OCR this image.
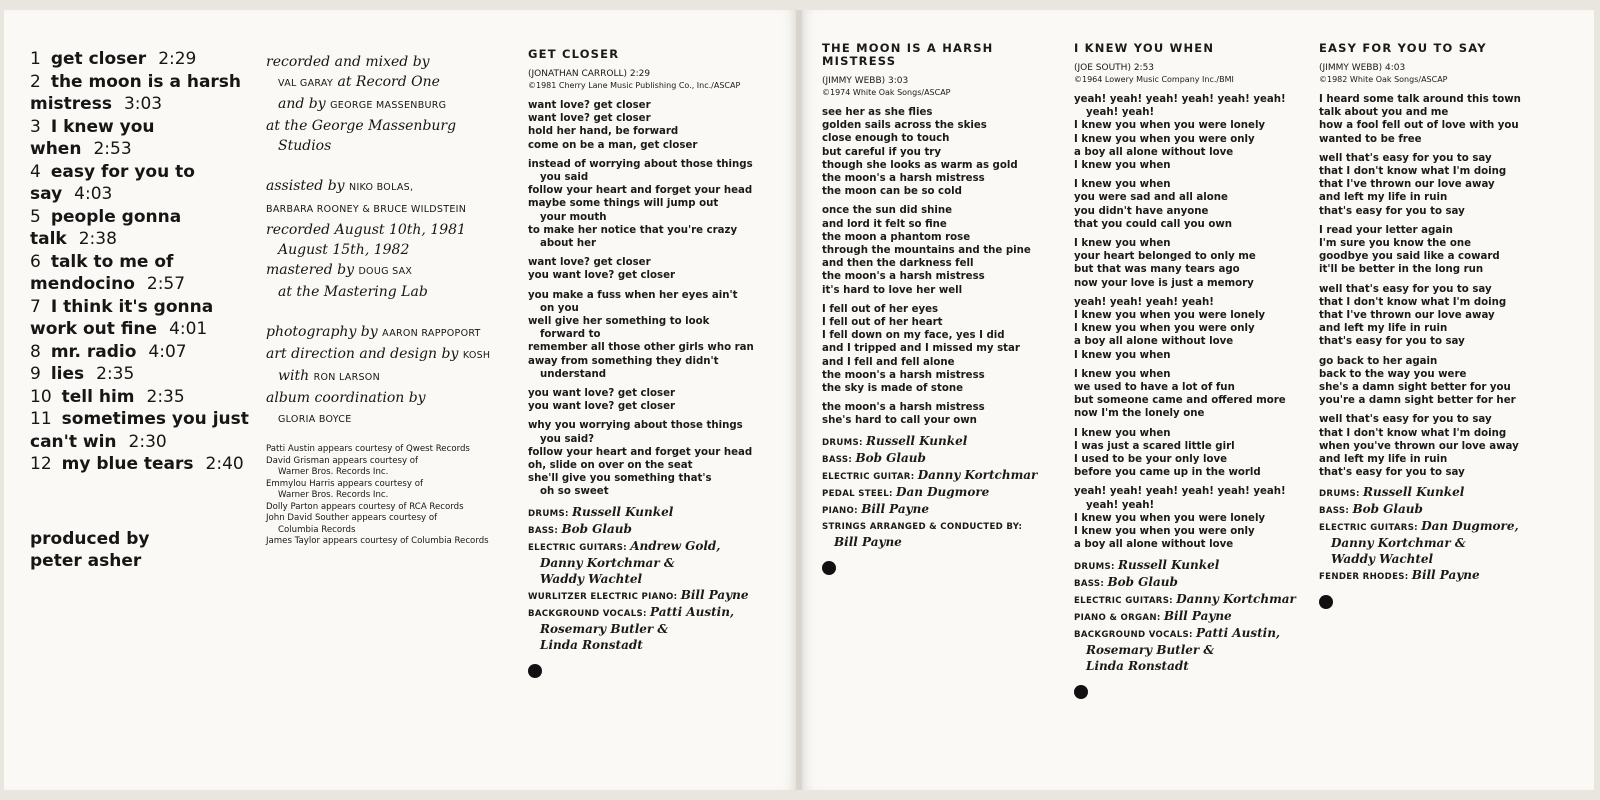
1 get closer 2:29
2 the moon is a harsh mistress 3:03
3 I knew you when 2:53
4 easy for you to say 4:03
5 people gonna talk 2:38
6 talk to me of mendocino 2:57
7 I think it's gonna work out fine 4:01
8 mr. radio 4:07
9 lies 2:35
10 tell him 2:35
11 sometimes you just can't win 2:30
12 my blue tears 2:40
produced by
peter asher
recorded and mixed by
VAL GARAY at Record One
and by GEORGE MASSENBURG
at the George Massenburg
Studios
assisted by NIKO BOLAS,
BARBARA ROONEY & BRUCE WILDSTEIN
recorded August 10th, 1981
August 15th, 1982
mastered by DOUG SAX
at the Mastering Lab
photography by AARON RAPPOPORT
art direction and design by KOSH
with RON LARSON
album coordination by
GLORIA BOYCE
Patti Austin appears courtesy of Qwest Records
David Grisman appears courtesy of
Warner Bros. Records Inc.
Emmylou Harris appears courtesy of
Warner Bros. Records Inc.
Dolly Parton appears courtesy of RCA Records
John David Souther appears courtesy of
Columbia Records
James Taylor appears courtesy of Columbia Records
GET CLOSER
(JONATHAN CARROLL) 2:29
©1981 Cherry Lane Music Publishing Co., Inc./ASCAP
want love? get closer
want love? get closer
hold her hand, be forward
come on be a man, get closer
instead of worrying about those things
you said
follow your heart and forget your head
maybe some things will jump out
your mouth
to make her notice that you're crazy
about her
want love? get closer
you want love? get closer
you make a fuss when her eyes ain't
on you
well give her something to look
forward to
remember all those other girls who ran
away from something they didn't
understand
you want love? get closer
you want love? get closer
why you worrying about those things
you said?
follow your heart and forget your head
oh, slide on over on the seat
she'll give you something that's
oh so sweet
DRUMS: Russell Kunkel
BASS: Bob Glaub
ELECTRIC GUITARS: Andrew Gold,
Danny Kortchmar &
Waddy Wachtel
WURLITZER ELECTRIC PIANO: Bill Payne
BACKGROUND VOCALS: Patti Austin,
Rosemary Butler &
Linda Ronstadt
THE MOON IS A HARSH MISTRESS
(JIMMY WEBB) 3:03
©1974 White Oak Songs/ASCAP
see her as she flies
golden sails across the skies
close enough to touch
but careful if you try
though she looks as warm as gold
the moon's a harsh mistress
the moon can be so cold
once the sun did shine
and lord it felt so fine
the moon a phantom rose
through the mountains and the pine
and then the darkness fell
the moon's a harsh mistress
it's hard to love her well
I fell out of her eyes
I fell out of her heart
I fell down on my face, yes I did
and I tripped and I missed my star
and I fell and fell alone
the moon's a harsh mistress
the sky is made of stone
the moon's a harsh mistress
she's hard to call your own
DRUMS: Russell Kunkel
BASS: Bob Glaub
ELECTRIC GUITAR: Danny Kortchmar
PEDAL STEEL: Dan Dugmore
PIANO: Bill Payne
STRINGS ARRANGED & CONDUCTED BY:
Bill Payne
I KNEW YOU WHEN
(JOE SOUTH) 2:53
©1964 Lowery Music Company Inc./BMI
yeah! yeah! yeah! yeah! yeah! yeah!
yeah! yeah!
I knew you when you were lonely
I knew you when you were only
a boy all alone without love
I knew you when
I knew you when
you were sad and all alone
you didn't have anyone
that you could call you own
I knew you when
your heart belonged to only me
but that was many tears ago
now your love is just a memory
yeah! yeah! yeah! yeah!
I knew you when you were lonely
I knew you when you were only
a boy all alone without love
I knew you when
I knew you when
we used to have a lot of fun
but someone came and offered more
now I'm the lonely one
I knew you when
I was just a scared little girl
I used to be your only love
before you came up in the world
yeah! yeah! yeah! yeah! yeah! yeah!
yeah! yeah!
I knew you when you were lonely
I knew you when you were only
a boy all alone without love
DRUMS: Russell Kunkel
BASS: Bob Glaub
ELECTRIC GUITARS: Danny Kortchmar
PIANO & ORGAN: Bill Payne
BACKGROUND VOCALS: Patti Austin,
Rosemary Butler &
Linda Ronstadt
EASY FOR YOU TO SAY
(JIMMY WEBB) 4:03
©1982 White Oak Songs/ASCAP
I heard some talk around this town
talk about you and me
how a fool fell out of love with you
wanted to be free
well that's easy for you to say
that I don't know what I'm doing
that I've thrown our love away
and left my life in ruin
that's easy for you to say
I read your letter again
I'm sure you know the one
goodbye you said like a coward
it'll be better in the long run
well that's easy for you to say
that I don't know what I'm doing
that I've thrown our love away
and left my life in ruin
that's easy for you to say
go back to her again
back to the way you were
she's a damn sight better for you
you're a damn sight better for her
well that's easy for you to say
that I don't know what I'm doing
when you've thrown our love away
and left my life in ruin
that's easy for you to say
DRUMS: Russell Kunkel
BASS: Bob Glaub
ELECTRIC GUITARS: Dan Dugmore,
Danny Kortchmar &
Waddy Wachtel
FENDER RHODES: Bill Payne
